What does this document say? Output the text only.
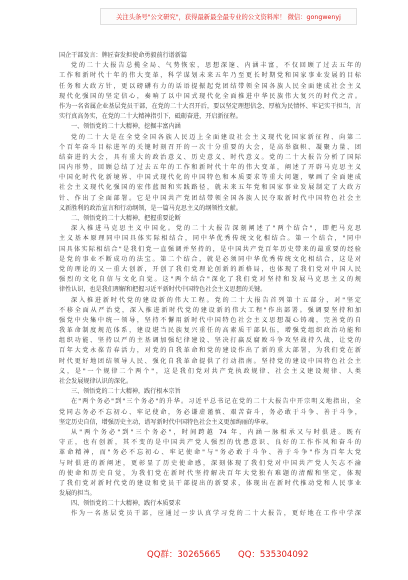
关注头条号"公文研究"，获得最新最全最专业的公文资料库！ 微信：gongwenyj
国企干部发言：牌匠奋发担使命勇毅前行谱新篇
党的二十大报告总揽全局、气势恢宏，思想深邃、内涵丰富，不仅回顾了过去五年的
工作和新时代十年的伟大变革，科学谋划未来五年乃至更长时期党和国家事业发展的目标
任务和大政方针，更以磅礴有力的话语提振起党团结带领全国各族人民全面建成社会主义
现代化强国的坚定信心，奏响了以中国式现代化全面推进中华民族伟大复兴的时代之音。
作为一名省属企业基层党员干部，在党的二十大召开后，要以坚定理想信念、厚植为民情怀、牢记实干担当，言
实行真高务实，在党的二十大精神指引下，砥砺奋进，开启新征程。
一、领悟党的二十大精神，挖掘丰富内涵
党的二十大是在全党全国各族人民迈上全面建设社会主义现代化国家新征程、向第二
个百年奋斗目标进军的关键时刻召开的一次十分重要的大会，是高举旗帜、凝聚力量、团
结奋进的大会，具有重大的政治意义、历史意义、时代意义。党的二十大报告分析了国际
国内形势，回顾总结了过去五年的工作和新时代十年的伟大变革，阐述了开辟马克思主义
中国化时代化新境界、中国式现代化的中国特色和本质要求等重大问题，擘画了全面建成
社会主义现代化强国的宏伟蓝图和实践路径，就未来五年党和国家事业发展制定了大政方
针、作出了全面部署。它是中国共产党团结带领全国各族人民夺取新时代中国特色社会主
义新胜利的政治宣言和行动纲领，是一篇马克思主义的纲领性文献。
二、领悟党的二十大精神，把握重要论断
深入推进马克思主义中国化。党的二十大报告深刻阐述了"两个结合"，即把马克思
主义基本原理同中国具体实际相结合，同中华优秀传统文化相结合。第一个结合，"同中
国具体实际相结合"是我们党一直强调并坚持的，是中国共产党百年历史带来的最重要的经验
是党的事业不断成功的法宝。第二个结合，就是必须同中华优秀传统文化相结合，这是对
党的理论的又一重大创新，开创了我们党理论创新的新格局，也体现了我们党对中国人民
强烈的文化自信与文化自觉。这"两个结合"深化了我们党对坚持和发展马克思主义的规
律性认识，也是我们理解和把握习近平新时代中国特色社会主义思想的关键。
深入推进新时代党的建设新的伟大工程。党的二十大报告首列第十五部分，对"坚定
不移全面从严治党，深入推进新时代党的建设新的伟大工程"作出部署。强调要坚持和加
强党中央集中统一领导，坚持不懈用新时代中国特色社会主义思想凝心铸魂，完善党的自
我革命制度规范体系，建设堪当民族复兴重任的高素质干部队伍，增强党组织政治功能和
组织功能、坚持以严的主基调加强纪律建设、坚决打赢反腐败斗争攻坚战持久战，让党的
百年大党永葆青春活力，对党的自我革命和党的建设作出了新的重大部署，为我们党在新
时代更好地团结领导人民、强化自我革命提供了行动指南。坚持党的建设中国特色社会主
义，是"一个规律二个两个"，这是我们党对共产党执政规律、社会主义建设规律、人类
社会发展规律认识的深化。
三、领悟党的二十大精神，践行根本宗旨
在"两个务必"到"三个务必"的升华。习近平总书记在党的二十大报告中开宗明义地指出，全
党同志务必不忘初心、牢记使命，务必谦虚谨慎、艰苦奋斗，务必敢于斗争、善于斗争，
坚定历史自信，增强历史主动，谱写新时代中国特色社会主义更加绚丽的华章。
从"两个务必"到"三个务必"，时间跨越 74 年，内涵一脉相承又与时俱进。既有
守正，也有创新，其不变的是中国共产党人强烈的忧患意识、良好的工作作风和奋斗的
革命精神，而"务必不忘初心、牢记使命"与"务必敢于斗争、善于斗争"作为百年大党
与时俱进的新阐述，更彰显了历史使命感，深刻体现了我们党对中国共产党人矢志不渝
的使命和历史自觉，为我们党在新时代坚持解决百年大党独有难题的清醒和坚定，体现
了我们党对新时代党的建设和党员干部提出的新要求，体现出在新时代推动党和人民事业
发展的担当。
四、领悟党的二十大精神，践行本质要求
作为一名基层党员干部，应通过一步认真学习党的二十大报告，更好地在工作中学深
QQ群：30265665 QQ：535304092
